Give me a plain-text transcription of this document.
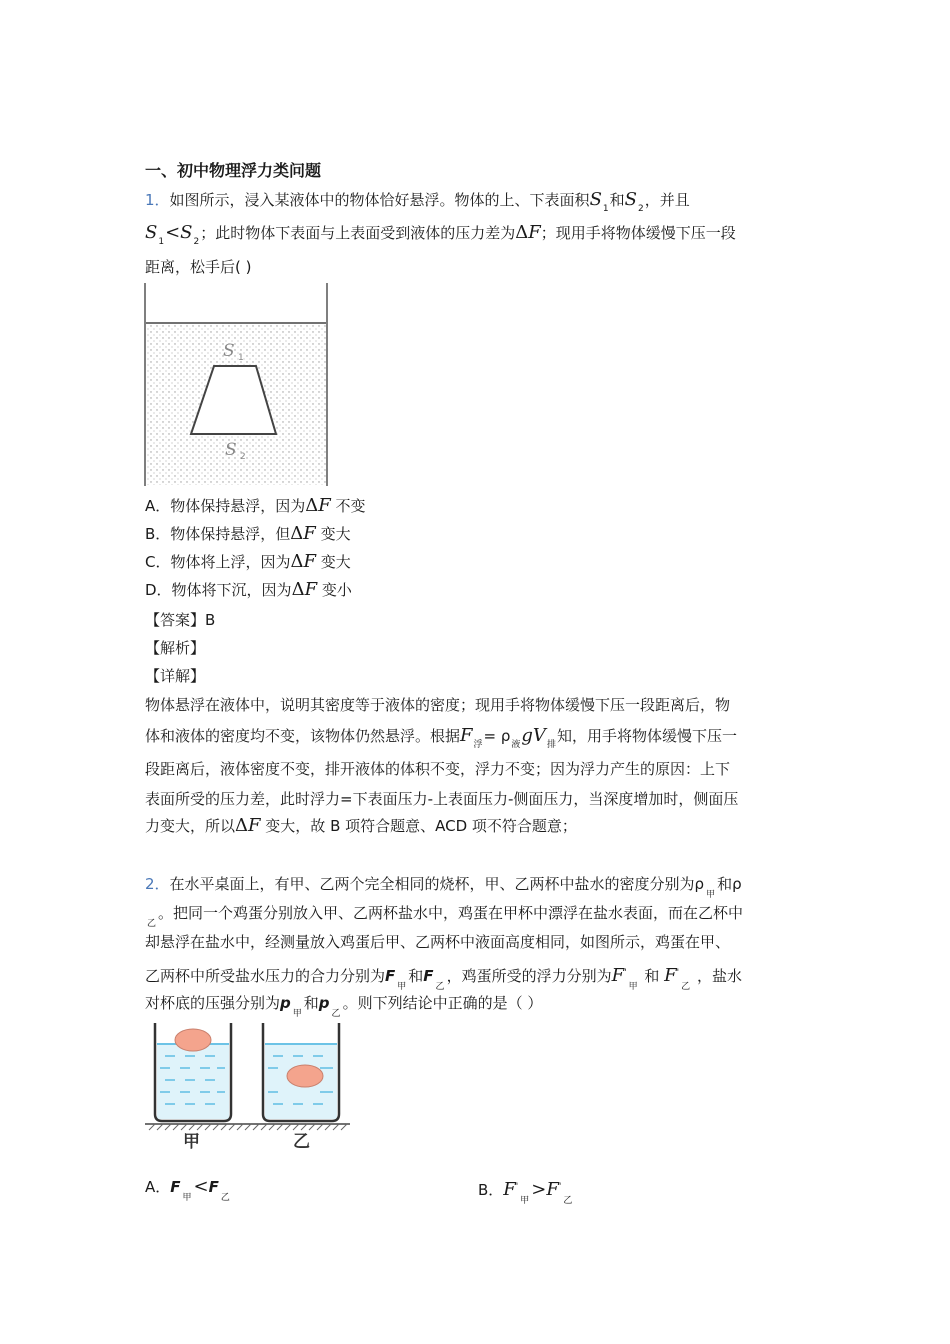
一、初中物理浮力类问题
1．如图所示，浸入某液体中的物体恰好悬浮。物体的上、下表面积$S_1$和$S_2$，并且
$S_1<S_2$；此时物体下表面与上表面受到液体的压力差为ΔF；现用手将物体缓慢下压一段
距离，松手后( )
S 1
S 2
A．物体保持悬浮，因为ΔF 不变
B．物体保持悬浮，但ΔF 变大
C．物体将上浮，因为ΔF 变大
D．物体将下沉，因为ΔF 变小
【答案】B
【解析】
【详解】
物体悬浮在液体中，说明其密度等于液体的密度；现用手将物体缓慢下压一段距离后，物
体和液体的密度均不变，该物体仍然悬浮。根据$F_浮= \rho_液gV_排$知，用手将物体缓慢下压一
段距离后，液体密度不变，排开液体的体积不变，浮力不变；因为浮力产生的原因：上下
表面所受的压力差，此时浮力=下表面压力-上表面压力-侧面压力，当深度增加时，侧面压
力变大，所以ΔF 变大，故 B 项符合题意、ACD 项不符合题意；
2．在水平桌面上，有甲、乙两个完全相同的烧杯，甲、乙两杯中盐水的密度分别为$\rho_甲$和ρ
$_乙$。把同一个鸡蛋分别放入甲、乙两杯盐水中，鸡蛋在甲杯中漂浮在盐水表面，而在乙杯中
却悬浮在盐水中，经测量放入鸡蛋后甲、乙两杯中液面高度相同，如图所示，鸡蛋在甲、
乙两杯中所受盐水压力的合力分别为$F_甲$和$F_乙$，鸡蛋所受的浮力分别为$F'_甲$ 和 $F'_乙$ ，盐水
对杯底的压强分别为$p_甲$和$p_乙$。则下列结论中正确的是（ ）
甲	乙
A．$F_甲<F_乙$	B．$F'_甲>F'_乙$
